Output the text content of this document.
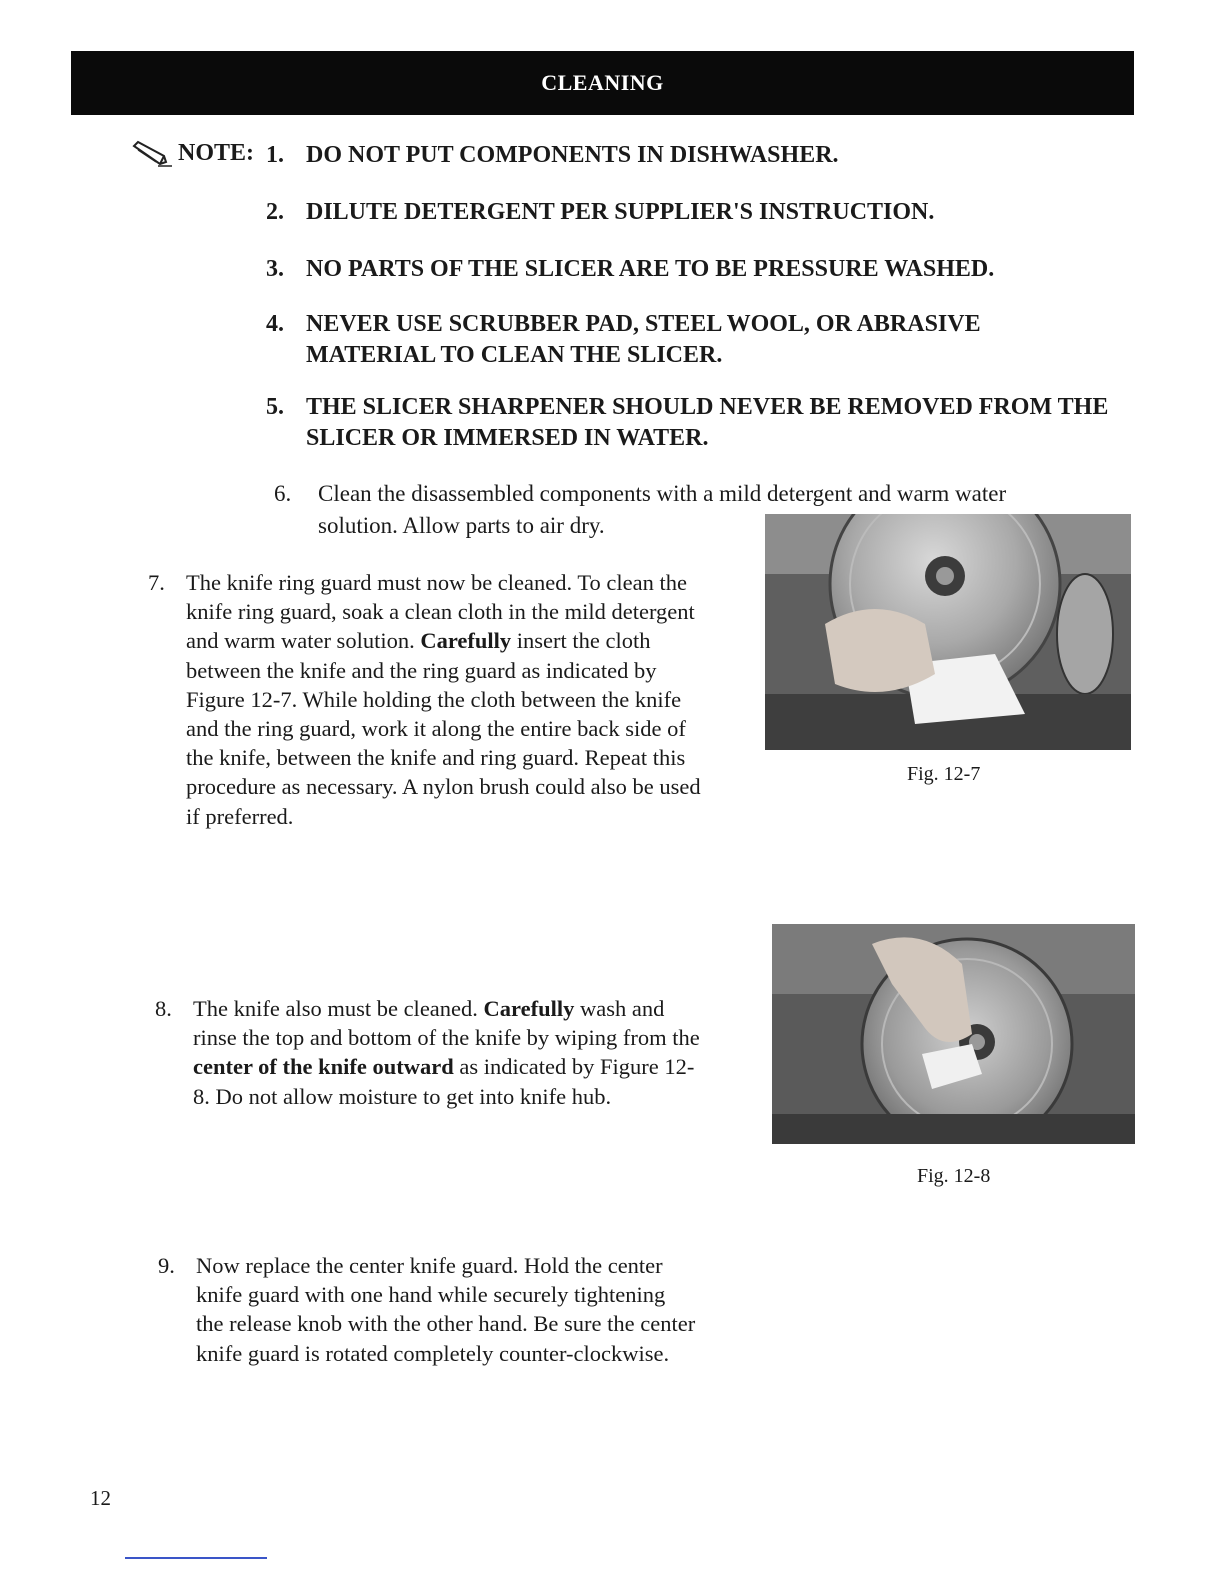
CLEANING
NOTE: 1. DO NOT PUT COMPONENTS IN DISHWASHER.
2. DILUTE DETERGENT PER SUPPLIER'S INSTRUCTION.
3. NO PARTS OF THE SLICER ARE TO BE PRESSURE WASHED.
4. NEVER USE SCRUBBER PAD, STEEL WOOL, OR ABRASIVE MATERIAL TO CLEAN THE SLICER.
5. THE SLICER SHARPENER SHOULD NEVER BE REMOVED FROM THE SLICER OR IMMERSED IN WATER.
6. Clean the disassembled components with a mild detergent and warm water
solution. Allow parts to air dry.
Fig. 12-7
7. The knife ring guard must now be cleaned. To clean the knife ring guard, soak a clean cloth in the mild detergent and warm water solution. Carefully insert the cloth between the knife and the ring guard as indicated by Figure 12-7. While holding the cloth between the knife and the ring guard, work it along the entire back side of the knife, between the knife and ring guard. Repeat this procedure as necessary. A nylon brush could also be used if preferred.
Fig. 12-8
8. The knife also must be cleaned. Carefully wash and rinse the top and bottom of the knife by wiping from the center of the knife outward as indicated by Figure 12-8. Do not allow moisture to get into knife hub.
9. Now replace the center knife guard. Hold the center knife guard with one hand while securely tightening the release knob with the other hand. Be sure the center knife guard is rotated completely counter-clockwise.
12
